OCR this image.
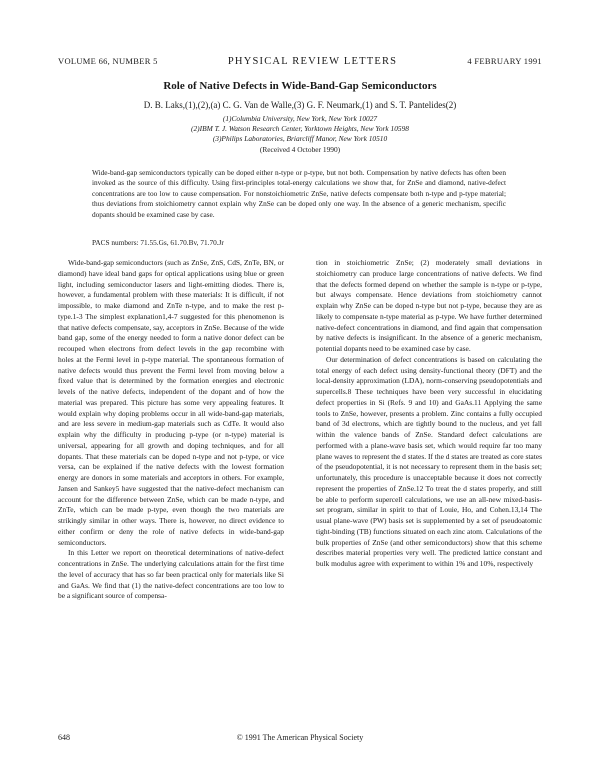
VOLUME 66, NUMBER 5	PHYSICAL REVIEW LETTERS	4 FEBRUARY 1991
Role of Native Defects in Wide-Band-Gap Semiconductors
D. B. Laks,(1),(2),(a) C. G. Van de Walle,(3) G. F. Neumark,(1) and S. T. Pantelides(2)
(1)Columbia University, New York, New York 10027
(2)IBM T. J. Watson Research Center, Yorktown Heights, New York 10598
(3)Philips Laboratories, Briarcliff Manor, New York 10510
(Received 4 October 1990)
Wide-band-gap semiconductors typically can be doped either n-type or p-type, but not both. Compensation by native defects has often been invoked as the source of this difficulty. Using first-principles total-energy calculations we show that, for ZnSe and diamond, native-defect concentrations are too low to cause compensation. For nonstoichiometric ZnSe, native defects compensate both n-type and p-type material; thus deviations from stoichiometry cannot explain why ZnSe can be doped only one way. In the absence of a generic mechanism, specific dopants should be examined case by case.
PACS numbers: 71.55.Gs, 61.70.Bv, 71.70.Jr

Wide-band-gap semiconductors (such as ZnSe, ZnS, CdS, ZnTe, BN, or diamond) have ideal band gaps for optical applications using blue or green light, including semiconductor lasers and light-emitting diodes. There is, however, a fundamental problem with these materials: It is difficult, if not impossible, to make diamond and ZnTe n-type, and to make the rest p-type.1-3 The simplest explanation1,4-7 suggested for this phenomenon is that native defects compensate, say, acceptors in ZnSe. Because of the wide band gap, some of the energy needed to form a native donor defect can be recouped when electrons from defect levels in the gap recombine with holes at the Fermi level in p-type material. The spontaneous formation of native defects would thus prevent the Fermi level from moving below a fixed value that is determined by the formation energies and electronic levels of the native defects, independent of the dopant and of how the material was prepared. This picture has some very appealing features. It would explain why doping problems occur in all wide-band-gap materials, and are less severe in medium-gap materials such as CdTe. It would also explain why the difficulty in producing p-type (or n-type) material is universal, appearing for all growth and doping techniques, and for all dopants. That these materials can be doped n-type and not p-type, or vice versa, can be explained if the native defects with the lowest formation energy are donors in some materials and acceptors in others. For example, Jansen and Sankey5 have suggested that the native-defect mechanism can account for the difference between ZnSe, which can be made n-type, and ZnTe, which can be made p-type, even though the two materials are strikingly similar in other ways. There is, however, no direct evidence to either confirm or deny the role of native defects in wide-band-gap semiconductors.

In this Letter we report on theoretical determinations of native-defect concentrations in ZnSe. The underlying calculations attain for the first time the level of accuracy that has so far been practical only for materials like Si and GaAs. We find that (1) the native-defect concentrations are too low to be a significant source of compensa-

tion in stoichiometric ZnSe; (2) moderately small deviations in stoichiometry can produce large concentrations of native defects. We find that the defects formed depend on whether the sample is n-type or p-type, but always compensate. Hence deviations from stoichiometry cannot explain why ZnSe can be doped n-type but not p-type, because they are as likely to compensate n-type material as p-type. We have further determined native-defect concentrations in diamond, and find again that compensation by native defects is insignificant. In the absence of a generic mechanism, potential dopants need to be examined case by case.

Our determination of defect concentrations is based on calculating the total energy of each defect using density-functional theory (DFT) and the local-density approximation (LDA), norm-conserving pseudopotentials and supercells.8 These techniques have been very successful in elucidating defect properties in Si (Refs. 9 and 10) and GaAs.11 Applying the same tools to ZnSe, however, presents a problem. Zinc contains a fully occupied band of 3d electrons, which are tightly bound to the nucleus, and yet fall within the valence bands of ZnSe. Standard defect calculations are performed with a plane-wave basis set, which would require far too many plane waves to represent the d states. If the d states are treated as core states of the pseudopotential, it is not necessary to represent them in the basis set; unfortunately, this procedure is unacceptable because it does not correctly represent the properties of ZnSe.12 To treat the d states properly, and still be able to perform supercell calculations, we use an all-new mixed-basis-set program, similar in spirit to that of Louie, Ho, and Cohen.13,14 The usual plane-wave (PW) basis set is supplemented by a set of pseudoatomic tight-binding (TB) functions situated on each zinc atom. Calculations of the bulk properties of ZnSe (and other semiconductors) show that this scheme describes material properties very well. The predicted lattice constant and bulk modulus agree with experiment to within 1% and 10%, respectively

648	© 1991 The American Physical Society
